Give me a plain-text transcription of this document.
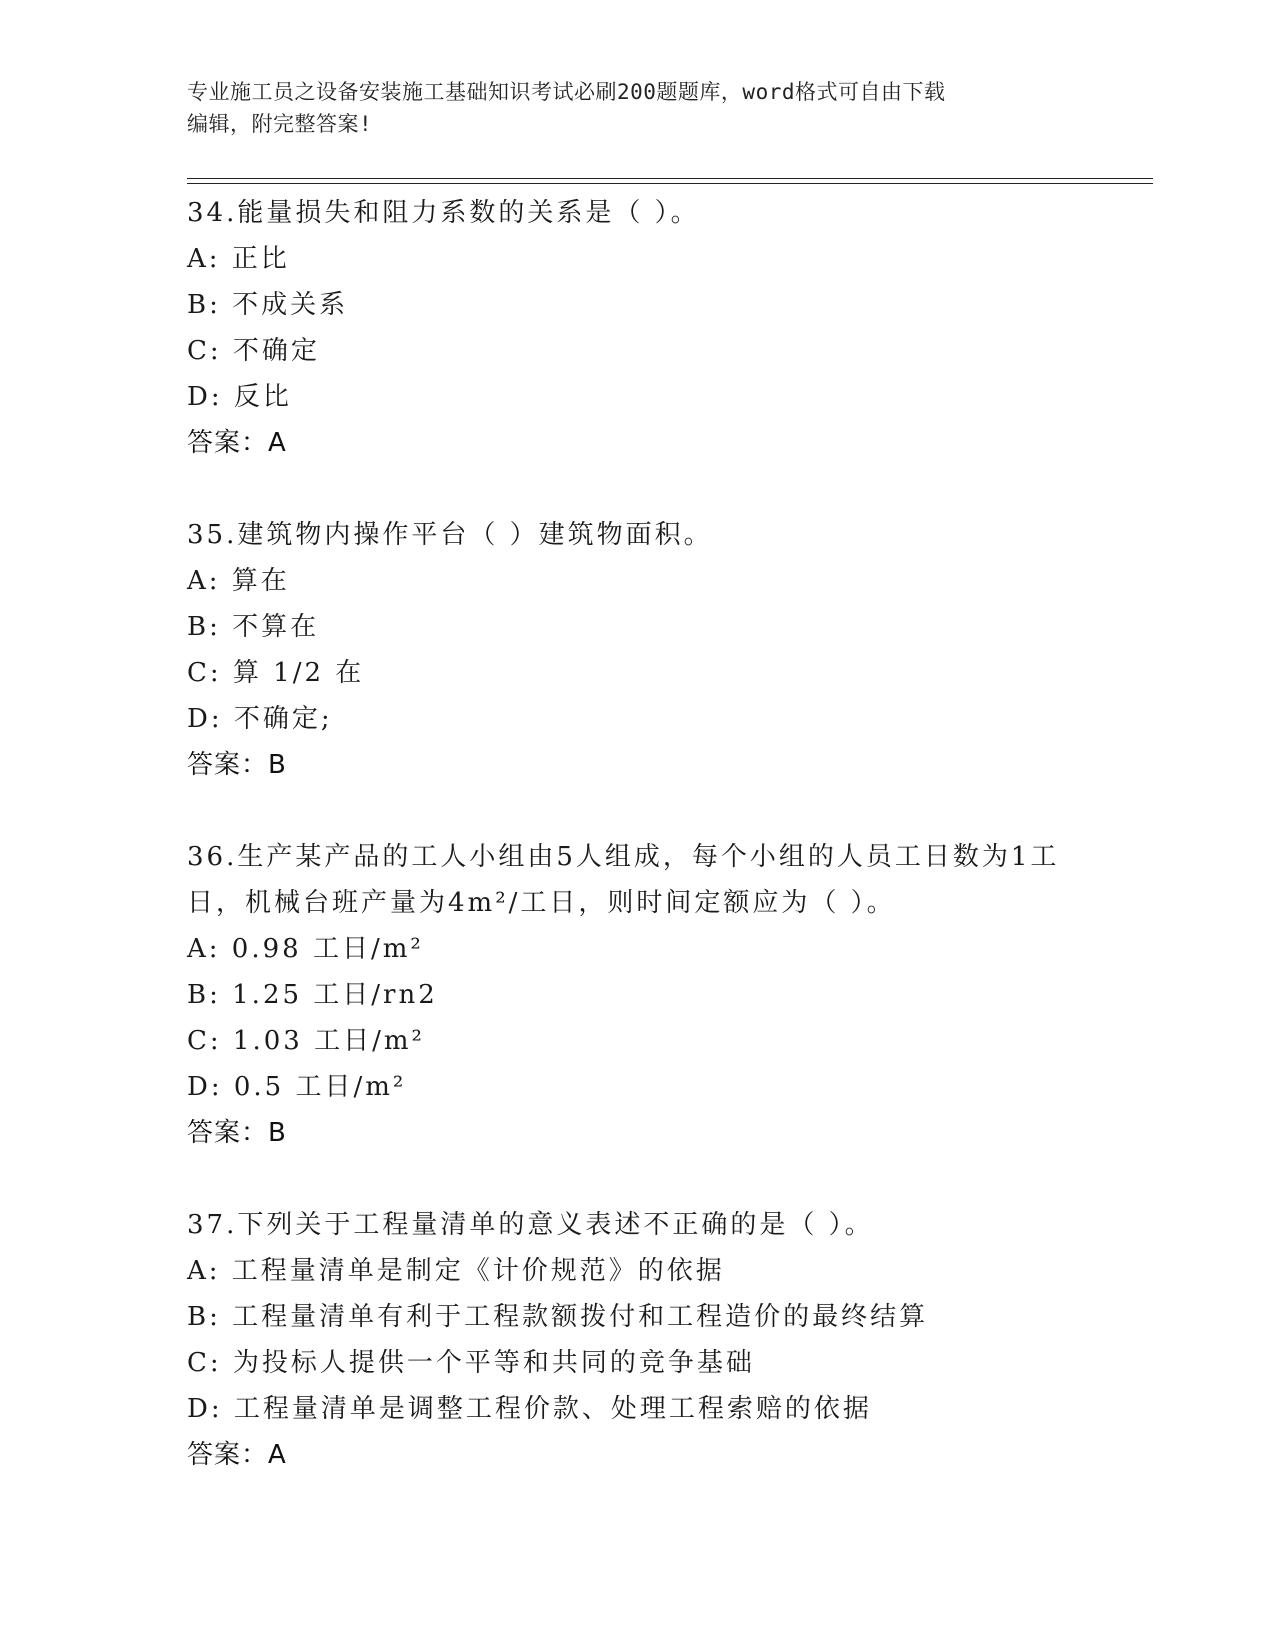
专业施工员之设备安装施工基础知识考试必刷200题题库，word格式可自由下载
编辑，附完整答案!
34.能量损失和阻力系数的关系是（ ）。
A: 正比
B: 不成关系
C: 不确定
D: 反比
答案：A
35.建筑物内操作平台（ ）建筑物面积。
A: 算在
B: 不算在
C: 算 1/2 在
D: 不确定;
答案：B
36.生产某产品的工人小组由5人组成，每个小组的人员工日数为1工日，机械台班产量为4m²/工日，则时间定额应为（ ）。
A: 0.98 工日/m²
B: 1.25 工日/rn2
C: 1.03 工日/m²
D: 0.5 工日/m²
答案：B
37.下列关于工程量清单的意义表述不正确的是（ ）。
A: 工程量清单是制定《计价规范》的依据
B: 工程量清单有利于工程款额拨付和工程造价的最终结算
C: 为投标人提供一个平等和共同的竞争基础
D: 工程量清单是调整工程价款、处理工程索赔的依据
答案：A
